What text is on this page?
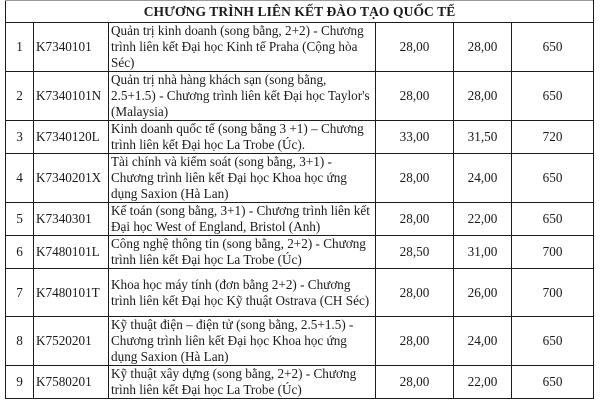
CHƯƠNG TRÌNH LIÊN KẾT ĐÀO TẠO QUỐC TẾ					
1	K7340101	Quản trị kinh doanh (song bằng, 2+2) - Chương trình liên kết Đại học Kinh tế Praha (Cộng hòa Séc)	28,00	28,00	650
2	K7340101N	Quản trị nhà hàng khách sạn (song bằng, 2.5+1.5) - Chương trình liên kết Đại học Taylor's (Malaysia)	28,00	28,00	650
3	K7340120L	Kinh doanh quốc tế (song bằng 3 +1) – Chương trình liên kết Đại học La Trobe (Úc).	33,00	31,50	720
4	K7340201X	Tài chính và kiểm soát (song bằng, 3+1) - Chương trình liên kết Đại học Khoa học ứng dụng Saxion (Hà Lan)	28,00	24,00	650
5	K7340301	Kế toán (song bằng, 3+1) - Chương trình liên kết Đại học West of England, Bristol (Anh)	28,00	22,00	650
6	K7480101L	Công nghệ thông tin (song bằng, 2+2) - Chương trình liên kết Đại học La Trobe (Úc)	28,50	31,00	700
7	K7480101T	Khoa học máy tính (đơn bằng 2+2) - Chương trình liên kết Đại học Kỹ thuật Ostrava (CH Séc)	28,00	26,00	700
8	K7520201	Kỹ thuật điện – điện tử (song bằng, 2.5+1.5) - Chương trình liên kết Đại học Khoa học ứng dụng Saxion (Hà Lan)	28,00	24,00	650
9	K7580201	Kỹ thuật xây dựng (song bằng, 2+2) - Chương trình liên kết Đại học La Trobe (Úc)	28,00	22,00	650
